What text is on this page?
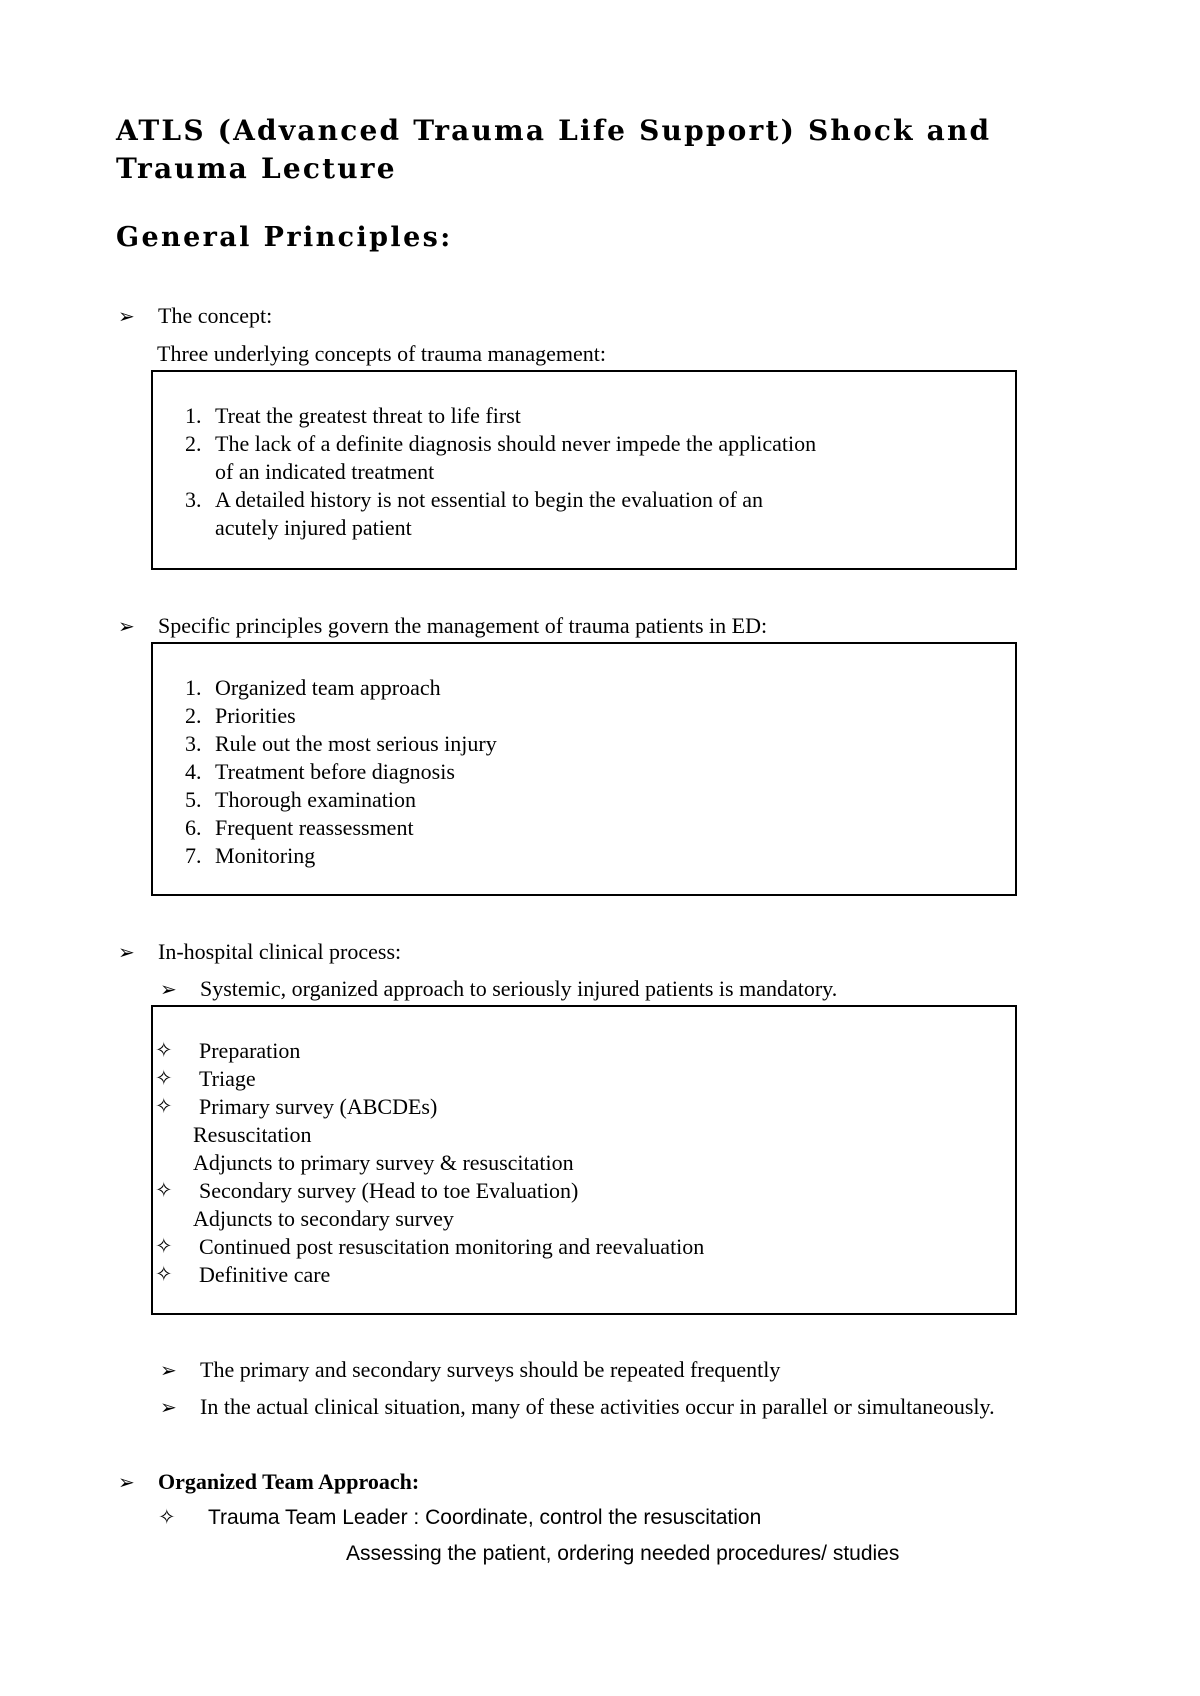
ATLS (Advanced Trauma Life Support) Shock and Trauma Lecture
General Principles:
➢ The concept:
Three underlying concepts of trauma management:
1. Treat the greatest threat to life first
2. The lack of a definite diagnosis should never impede the application
of an indicated treatment
3. A detailed history is not essential to begin the evaluation of an
acutely injured patient
➢ Specific principles govern the management of trauma patients in ED:
1. Organized team approach
2. Priorities
3. Rule out the most serious injury
4. Treatment before diagnosis
5. Thorough examination
6. Frequent reassessment
7. Monitoring
➢ In-hospital clinical process:
➢ Systemic, organized approach to seriously injured patients is mandatory.
✧ Preparation
✧ Triage
✧ Primary survey (ABCDEs)
Resuscitation
Adjuncts to primary survey & resuscitation
✧ Secondary survey (Head to toe Evaluation)
Adjuncts to secondary survey
✧ Continued post resuscitation monitoring and reevaluation
✧ Definitive care
➢ The primary and secondary surveys should be repeated frequently
➢ In the actual clinical situation, many of these activities occur in parallel or simultaneously.
➢ Organized Team Approach:
✧ Trauma Team Leader : Coordinate, control the resuscitation
Assessing the patient, ordering needed procedures/ studies
